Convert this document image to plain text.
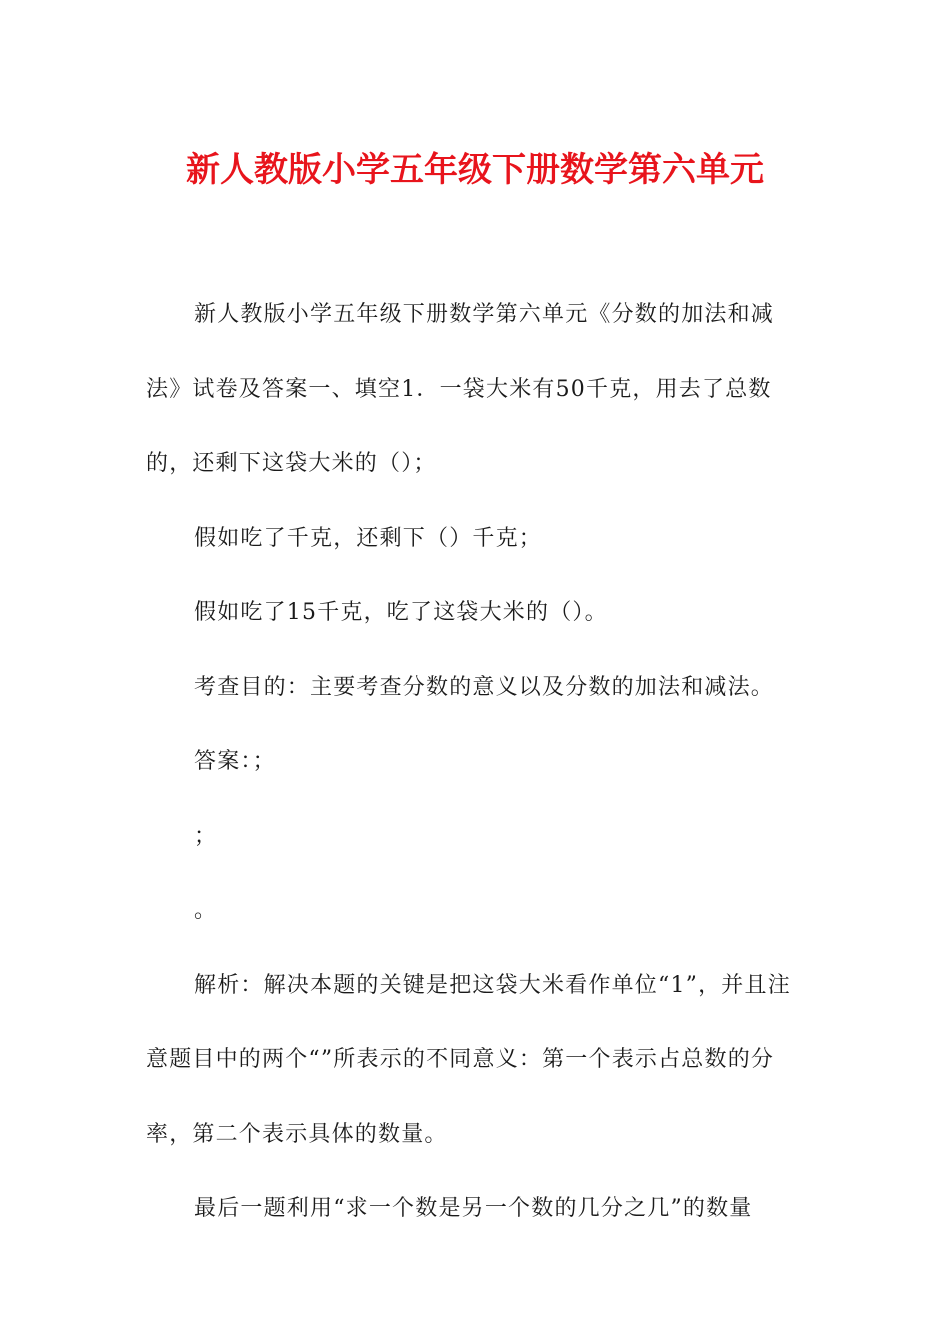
新人教版小学五年级下册数学第六单元

新人教版小学五年级下册数学第六单元《分数的加法和减法》试卷及答案一、填空1．一袋大米有50千克，用去了总数的，还剩下这袋大米的（）；

假如吃了千克，还剩下（）千克；

假如吃了15千克，吃了这袋大米的（）。

考查目的：主要考查分数的意义以及分数的加法和减法。

答案：；

；

。

解析：解决本题的关键是把这袋大米看作单位“1”，并且注意题目中的两个“”所表示的不同意义：第一个表示占总数的分率，第二个表示具体的数量。

最后一题利用“求一个数是另一个数的几分之几”的数量
